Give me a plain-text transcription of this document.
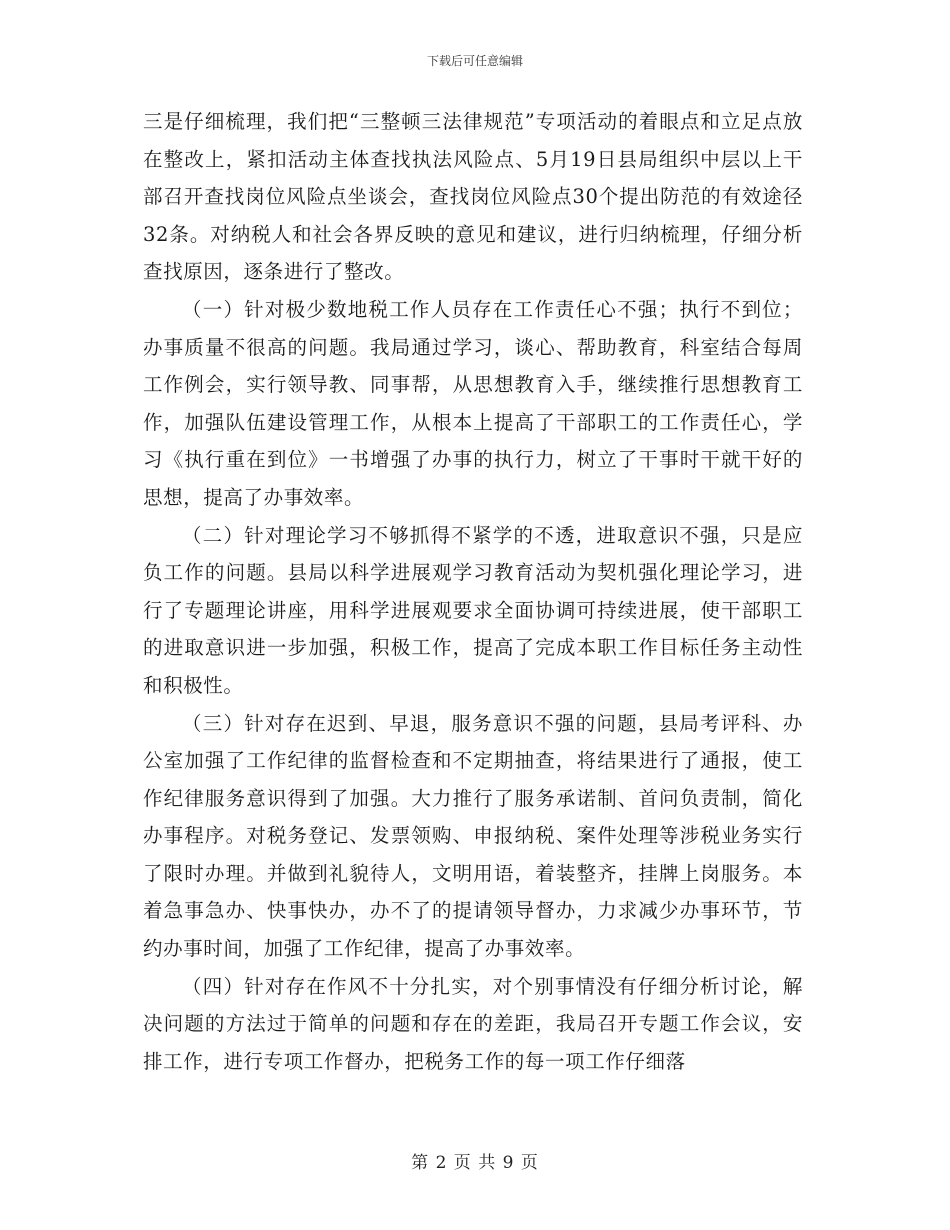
下载后可任意编辑

三是仔细梳理，我们把“三整顿三法律规范”专项活动的着眼点和立足点放在整改上，紧扣活动主体查找执法风险点、5月19日县局组织中层以上干部召开查找岗位风险点坐谈会，查找岗位风险点30个提出防范的有效途径32条。对纳税人和社会各界反映的意见和建议，进行归纳梳理，仔细分析查找原因，逐条进行了整改。

（一）针对极少数地税工作人员存在工作责任心不强；执行不到位；办事质量不很高的问题。我局通过学习，谈心、帮助教育，科室结合每周工作例会，实行领导教、同事帮，从思想教育入手，继续推行思想教育工作，加强队伍建设管理工作，从根本上提高了干部职工的工作责任心，学习《执行重在到位》一书增强了办事的执行力，树立了干事时干就干好的思想，提高了办事效率。

（二）针对理论学习不够抓得不紧学的不透，进取意识不强，只是应负工作的问题。县局以科学进展观学习教育活动为契机强化理论学习，进行了专题理论讲座，用科学进展观要求全面协调可持续进展，使干部职工的进取意识进一步加强，积极工作，提高了完成本职工作目标任务主动性和积极性。

（三）针对存在迟到、早退，服务意识不强的问题，县局考评科、办公室加强了工作纪律的监督检查和不定期抽查，将结果进行了通报，使工作纪律服务意识得到了加强。大力推行了服务承诺制、首问负责制，简化办事程序。对税务登记、发票领购、申报纳税、案件处理等涉税业务实行了限时办理。并做到礼貌待人，文明用语，着装整齐，挂牌上岗服务。本着急事急办、快事快办，办不了的提请领导督办，力求减少办事环节，节约办事时间，加强了工作纪律，提高了办事效率。

（四）针对存在作风不十分扎实，对个别事情没有仔细分析讨论，解决问题的方法过于简单的问题和存在的差距，我局召开专题工作会议，安排工作，进行专项工作督办，把税务工作的每一项工作仔细落

第 2 页 共 9 页
